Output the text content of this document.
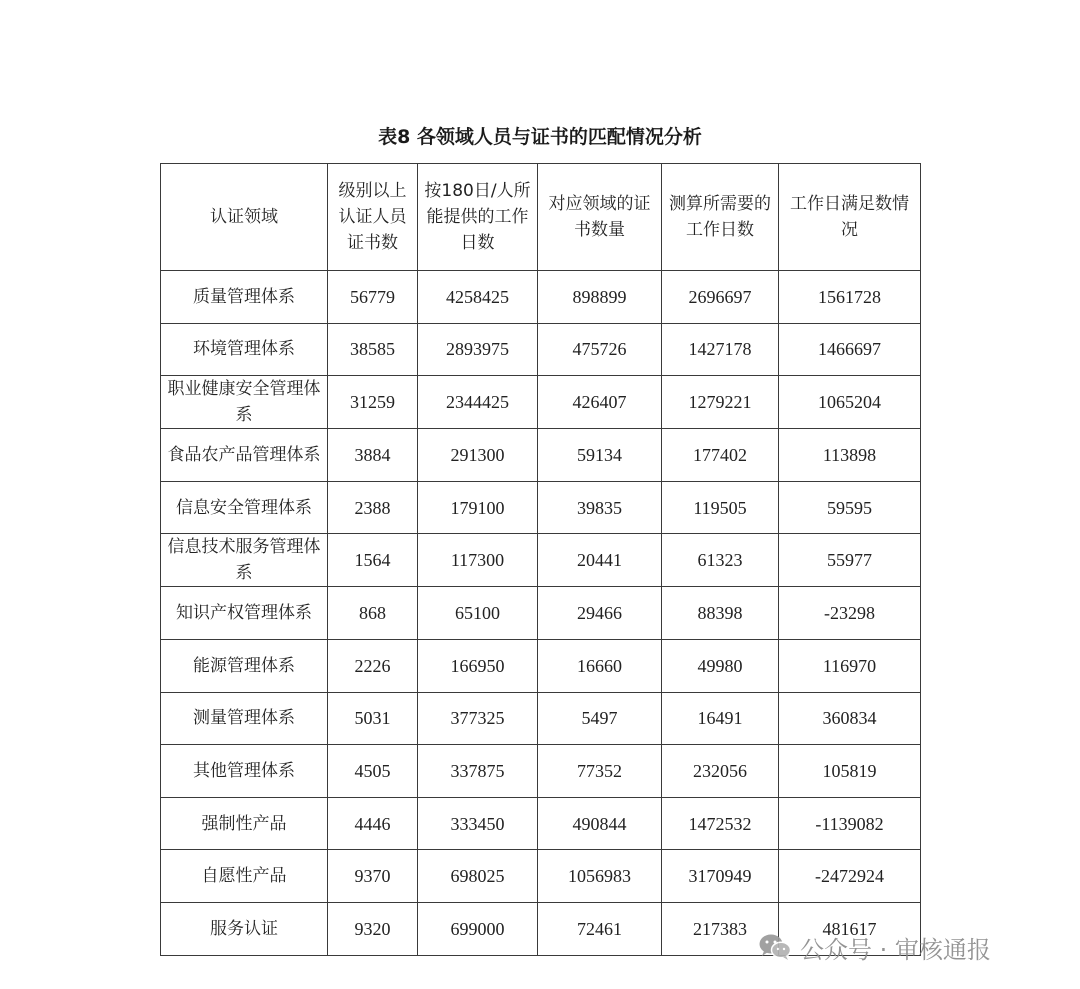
表8 各领域人员与证书的匹配情况分析
认证领域	级别以上认证人员证书数	按180日/人所能提供的工作日数	对应领域的证书数量	测算所需要的工作日数	工作日满足数情况
质量管理体系	56779	4258425	898899	2696697	1561728
环境管理体系	38585	2893975	475726	1427178	1466697
职业健康安全管理体系	31259	2344425	426407	1279221	1065204
食品农产品管理体系	3884	291300	59134	177402	113898
信息安全管理体系	2388	179100	39835	119505	59595
信息技术服务管理体系	1564	117300	20441	61323	55977
知识产权管理体系	868	65100	29466	88398	-23298
能源管理体系	2226	166950	16660	49980	116970
测量管理体系	5031	377325	5497	16491	360834
其他管理体系	4505	337875	77352	232056	105819
强制性产品	4446	333450	490844	1472532	-1139082
自愿性产品	9370	698025	1056983	3170949	-2472924
服务认证	9320	699000	72461	217383	481617
公众号 · 审核通报
